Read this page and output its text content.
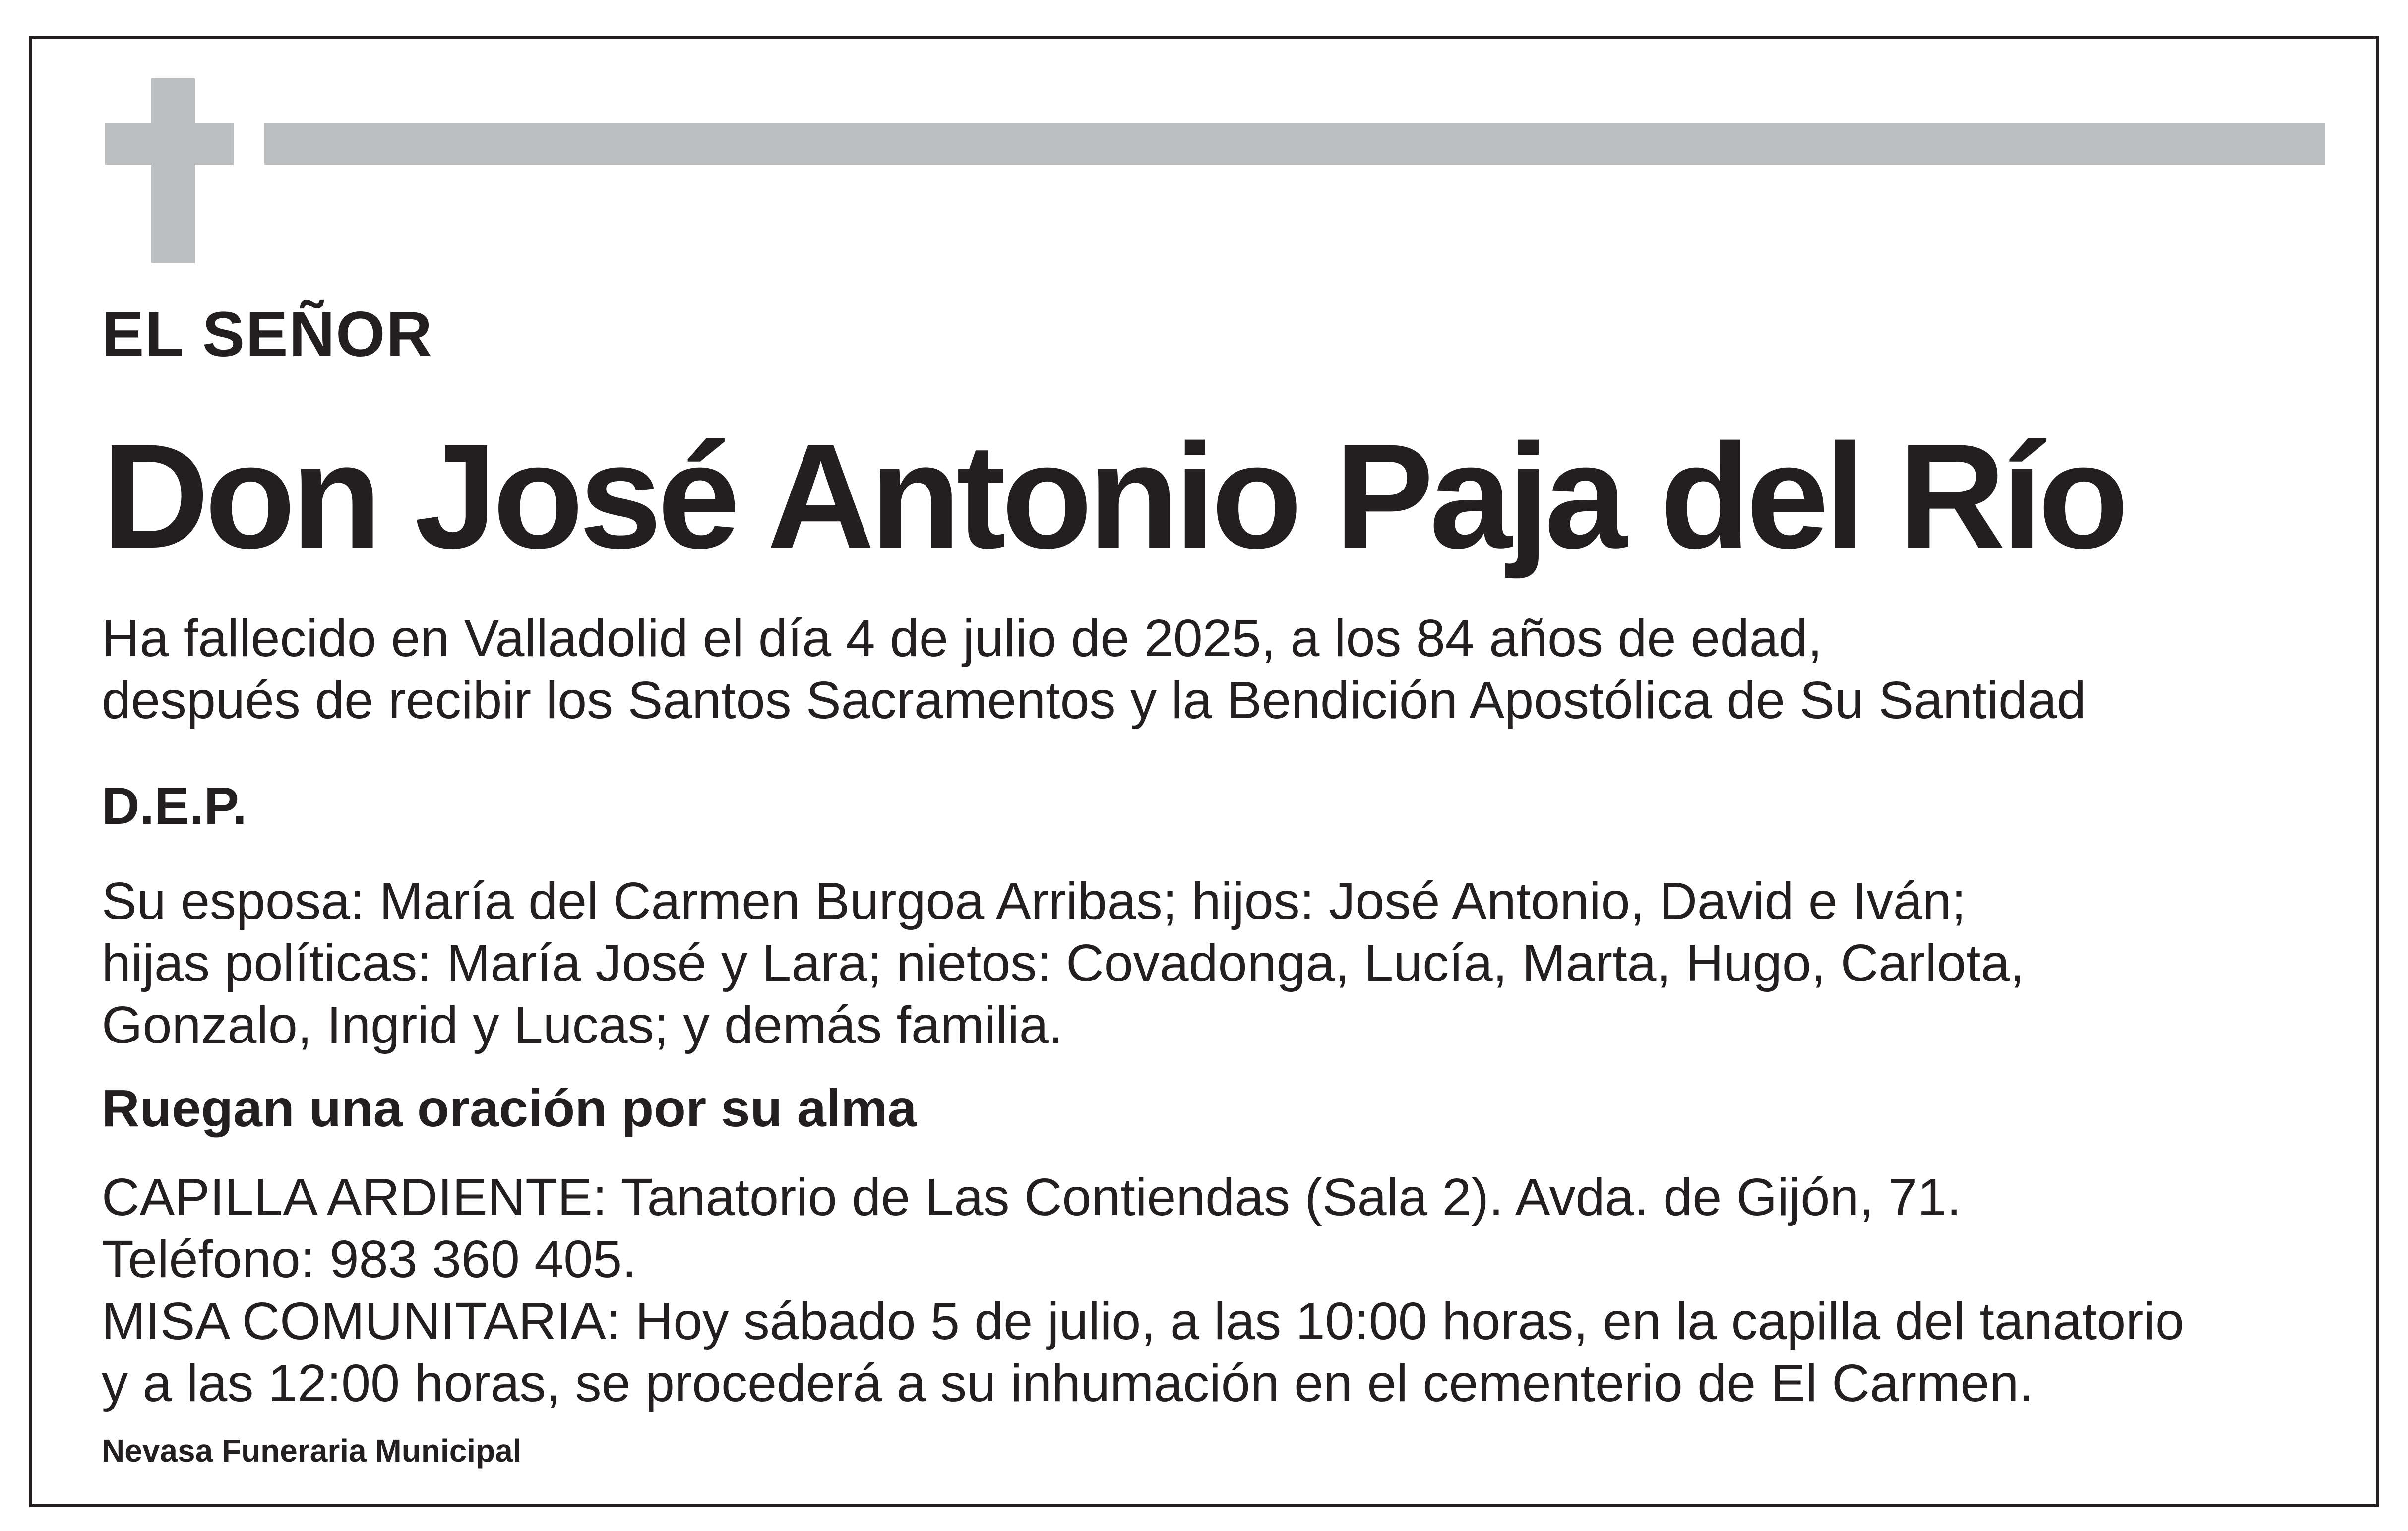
EL SEÑOR

Don José Antonio Paja del Río

Ha fallecido en Valladolid el día 4 de julio de 2025, a los 84 años de edad,
después de recibir los Santos Sacramentos y la Bendición Apostólica de Su Santidad

D.E.P.

Su esposa: María del Carmen Burgoa Arribas; hijos: José Antonio, David e Iván;
hijas políticas: María José y Lara; nietos: Covadonga, Lucía, Marta, Hugo, Carlota,
Gonzalo, Ingrid y Lucas; y demás familia.

Ruegan una oración por su alma

CAPILLA ARDIENTE: Tanatorio de Las Contiendas (Sala 2). Avda. de Gijón, 71.
Teléfono: 983 360 405.
MISA COMUNITARIA: Hoy sábado 5 de julio, a las 10:00 horas, en la capilla del tanatorio
y a las 12:00 horas, se procederá a su inhumación en el cementerio de El Carmen.

Nevasa Funeraria Municipal
